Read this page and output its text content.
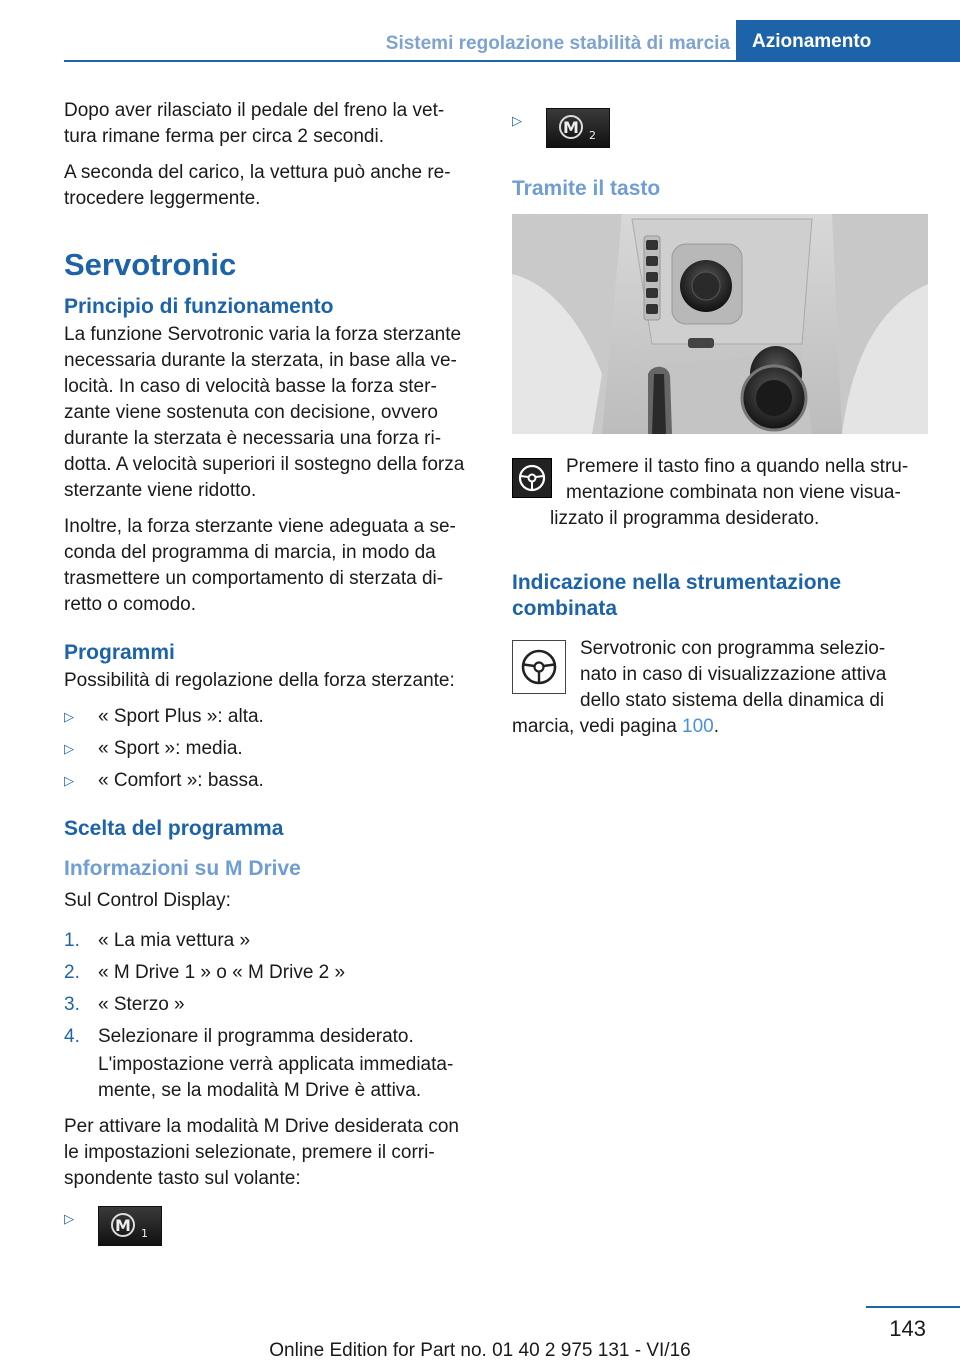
Sistemi regolazione stabilità di marcia	Azionamento

Dopo aver rilasciato il pedale del freno la vet‐
tura rimane ferma per circa 2 secondi.

A seconda del carico, la vettura può anche re‐
trocedere leggermente.

Servotronic
Principio di funzionamento

La funzione Servotronic varia la forza sterzante necessaria durante la sterzata, in base alla ve‐ locità. In caso di velocità basse la forza ster‐ zante viene sostenuta con decisione, ovvero durante la sterzata è necessaria una forza ri‐ dotta. A velocità superiori il sostegno della forza sterzante viene ridotto.

Inoltre, la forza sterzante viene adeguata a se‐ conda del programma di marcia, in modo da trasmettere un comportamento di sterzata di‐ retto o comodo.

Programmi

Possibilità di regolazione della forza sterzante:

▷	« Sport Plus »: alta.
▷	« Sport »: media.
▷	« Comfort »: bassa.
Scelta del programma
Informazioni su M Drive

Sul Control Display:

1. « La mia vettura »
2. « M Drive 1 » o « M Drive 2 »
3. « Sterzo »
4. Selezionare il programma desiderato.

L'impostazione verrà applicata immediata‐ mente, se la modalità M Drive è attiva.

Per attivare la modalità M Drive desiderata con le impostazioni selezionate, premere il corri‐ spondente tasto sul volante:

▷	M 1
▷	M 2
Tramite il tasto

Premere il tasto fino a quando nella stru‐ mentazione combinata non viene visua‐ lizzato il programma desiderato.

Indicazione nella strumentazione combinata

Servotronic con programma selezio‐ nato in caso di visualizzazione attiva dello stato sistema della dinamica di marcia, vedi pagina 100.

143
Online Edition for Part no. 01 40 2 975 131 - VI/16
